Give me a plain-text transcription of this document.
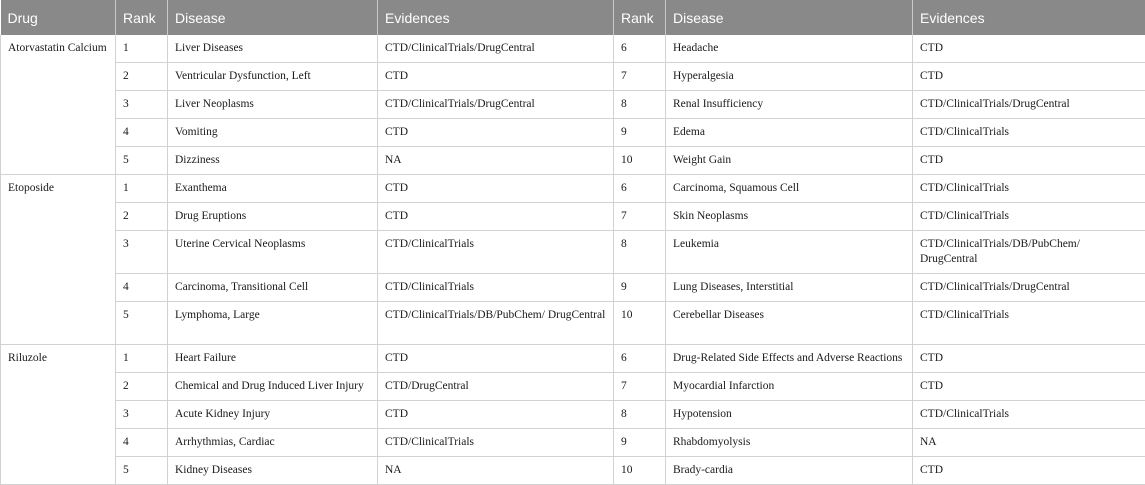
Drug	Rank	Disease	Evidences	Rank	Disease	Evidences
Atorvastatin Calcium	1	Liver Diseases	CTD/ClinicalTrials/DrugCentral	6	Headache	CTD
	2	Ventricular Dysfunction, Left	CTD	7	Hyperalgesia	CTD
	3	Liver Neoplasms	CTD/ClinicalTrials/DrugCentral	8	Renal Insufficiency	CTD/ClinicalTrials/DrugCentral
	4	Vomiting	CTD	9	Edema	CTD/ClinicalTrials
	5	Dizziness	NA	10	Weight Gain	CTD
Etoposide	1	Exanthema	CTD	6	Carcinoma, Squamous Cell	CTD/ClinicalTrials
	2	Drug Eruptions	CTD	7	Skin Neoplasms	CTD/ClinicalTrials
	3	Uterine Cervical Neoplasms	CTD/ClinicalTrials	8	Leukemia	CTD/ClinicalTrials/DB/PubChem/ DrugCentral
	4	Carcinoma, Transitional Cell	CTD/ClinicalTrials	9	Lung Diseases, Interstitial	CTD/ClinicalTrials/DrugCentral
	5	Lymphoma, Large	CTD/ClinicalTrials/DB/PubChem/ DrugCentral	10	Cerebellar Diseases	CTD/ClinicalTrials
Riluzole	1	Heart Failure	CTD	6	Drug-Related Side Effects and Adverse Reactions	CTD
	2	Chemical and Drug Induced Liver Injury	CTD/DrugCentral	7	Myocardial Infarction	CTD
	3	Acute Kidney Injury	CTD	8	Hypotension	CTD/ClinicalTrials
	4	Arrhythmias, Cardiac	CTD/ClinicalTrials	9	Rhabdomyolysis	NA
	5	Kidney Diseases	NA	10	Brady-cardia	CTD
